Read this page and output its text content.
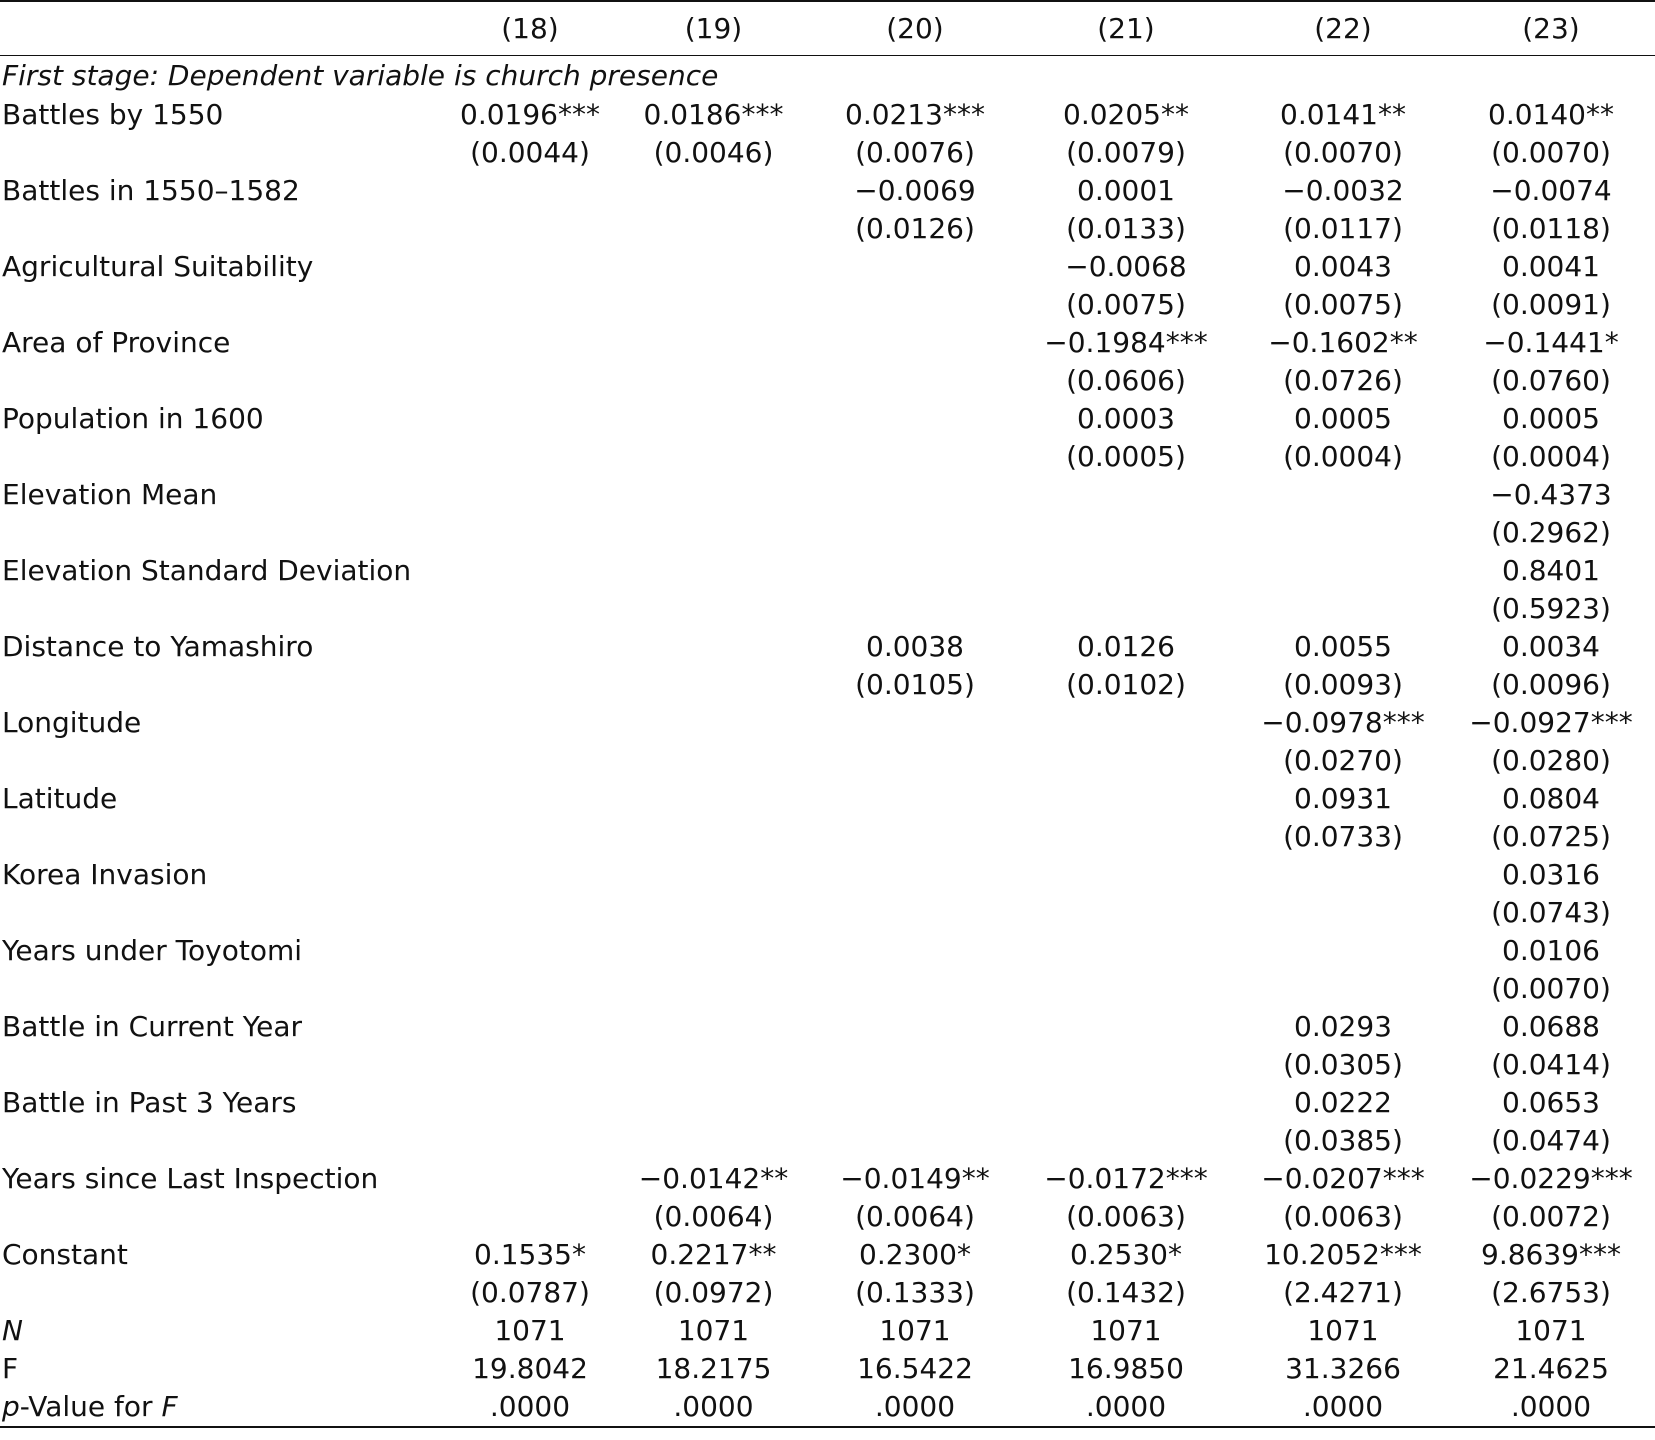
	(18)	(19)	(20)	(21)	(22)	(23)
First stage: Dependent variable is church presence						
Battles by 1550	0.0196***	0.0186***	0.0213***	0.0205**	0.0141**	0.0140**
	(0.0044)	(0.0046)	(0.0076)	(0.0079)	(0.0070)	(0.0070)
Battles in 1550–1582			−0.0069	0.0001	−0.0032	−0.0074
			(0.0126)	(0.0133)	(0.0117)	(0.0118)
Agricultural Suitability				−0.0068	0.0043	0.0041
				(0.0075)	(0.0075)	(0.0091)
Area of Province				−0.1984***	−0.1602**	−0.1441*
				(0.0606)	(0.0726)	(0.0760)
Population in 1600				0.0003	0.0005	0.0005
				(0.0005)	(0.0004)	(0.0004)
Elevation Mean						−0.4373
						(0.2962)
Elevation Standard Deviation						0.8401
						(0.5923)
Distance to Yamashiro			0.0038	0.0126	0.0055	0.0034
			(0.0105)	(0.0102)	(0.0093)	(0.0096)
Longitude					−0.0978***	−0.0927***
					(0.0270)	(0.0280)
Latitude					0.0931	0.0804
					(0.0733)	(0.0725)
Korea Invasion						0.0316
						(0.0743)
Years under Toyotomi						0.0106
						(0.0070)
Battle in Current Year					0.0293	0.0688
					(0.0305)	(0.0414)
Battle in Past 3 Years					0.0222	0.0653
					(0.0385)	(0.0474)
Years since Last Inspection		−0.0142**	−0.0149**	−0.0172***	−0.0207***	−0.0229***
		(0.0064)	(0.0064)	(0.0063)	(0.0063)	(0.0072)
Constant	0.1535*	0.2217**	0.2300*	0.2530*	10.2052***	9.8639***
	(0.0787)	(0.0972)	(0.1333)	(0.1432)	(2.4271)	(2.6753)
N	1071	1071	1071	1071	1071	1071
F	19.8042	18.2175	16.5422	16.9850	31.3266	21.4625
p-Value for F	.0000	.0000	.0000	.0000	.0000	.0000
